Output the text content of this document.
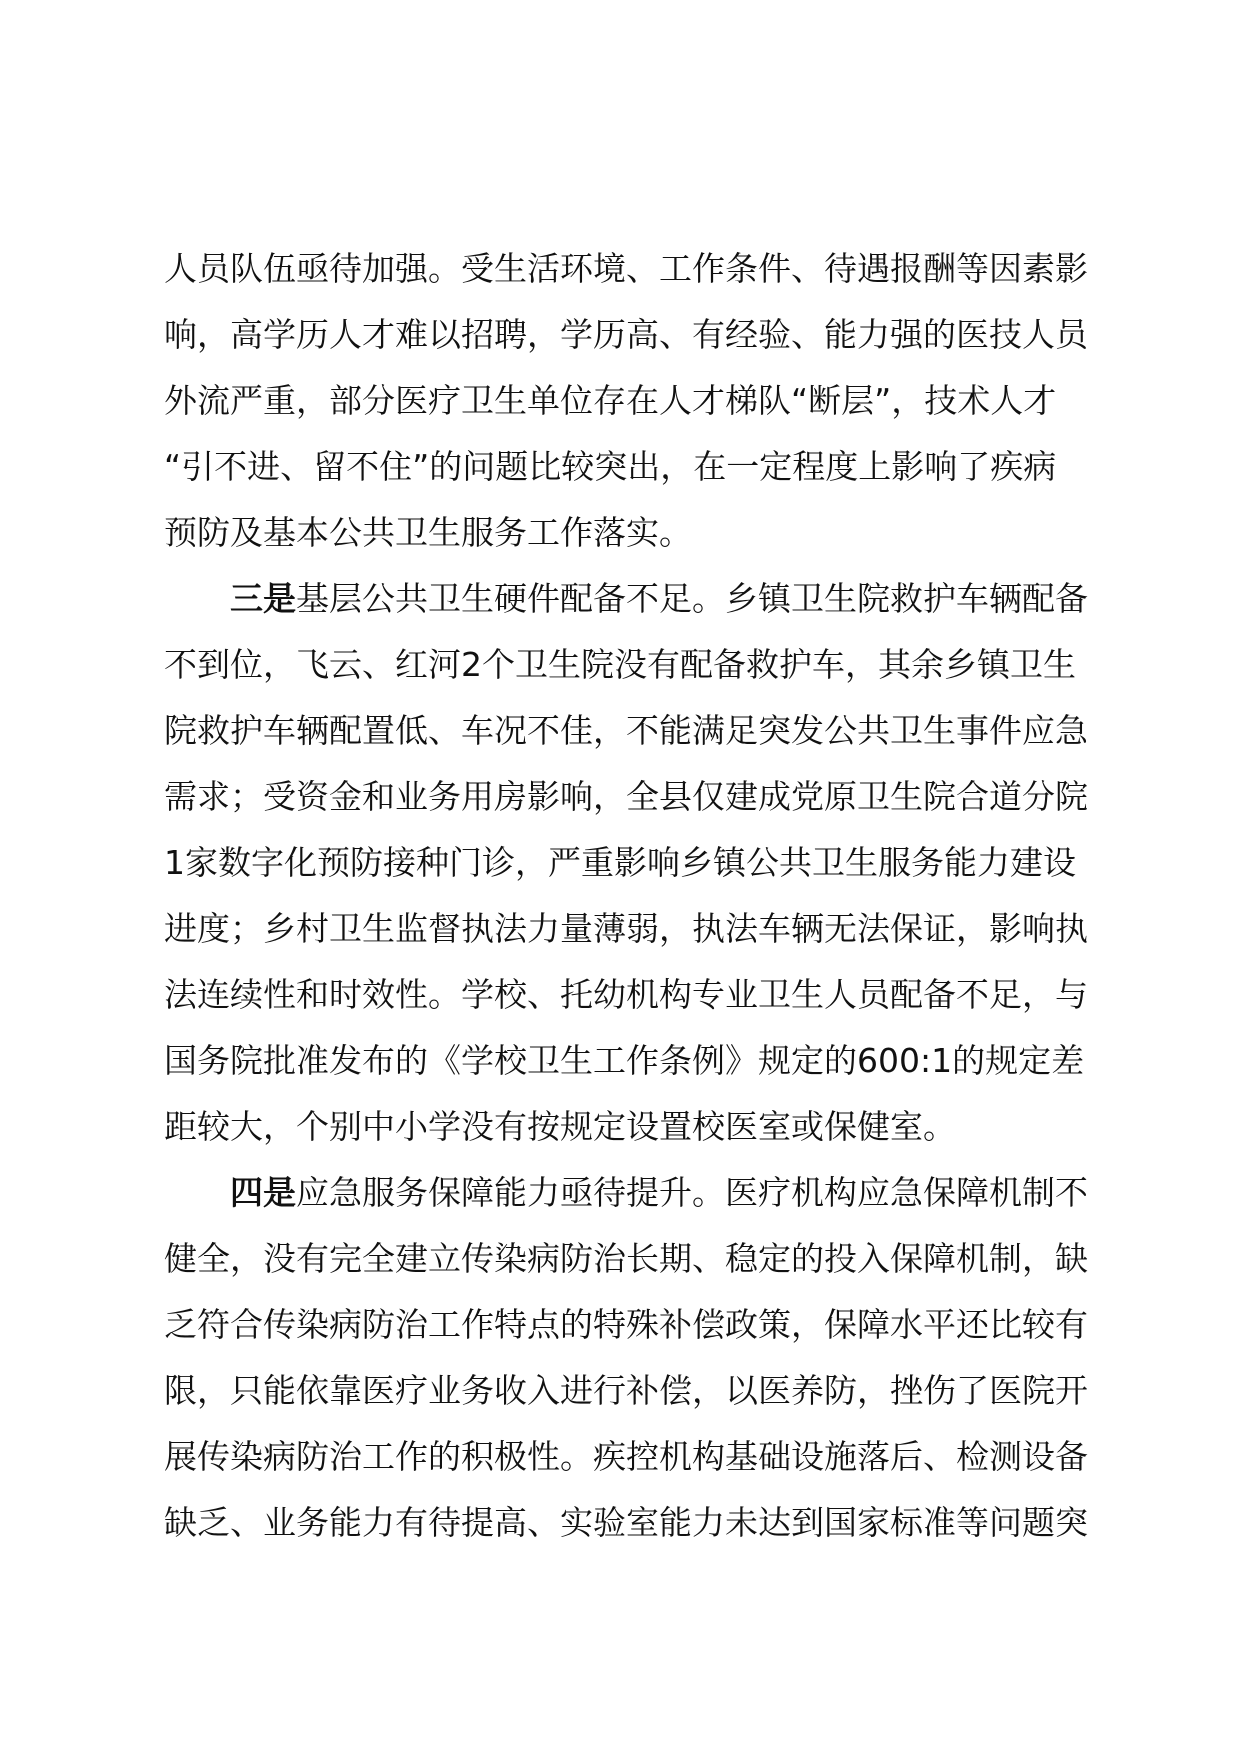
人员队伍亟待加强。受生活环境、工作条件、待遇报酬等因素影
响，高学历人才难以招聘，学历高、有经验、能力强的医技人员
外流严重，部分医疗卫生单位存在人才梯队“断层”，技术人才
“引不进、留不住”的问题比较突出，在一定程度上影响了疾病
预防及基本公共卫生服务工作落实。
三是基层公共卫生硬件配备不足。乡镇卫生院救护车辆配备
不到位，飞云、红河2个卫生院没有配备救护车，其余乡镇卫生
院救护车辆配置低、车况不佳，不能满足突发公共卫生事件应急
需求；受资金和业务用房影响，全县仅建成党原卫生院合道分院
1家数字化预防接种门诊，严重影响乡镇公共卫生服务能力建设
进度；乡村卫生监督执法力量薄弱，执法车辆无法保证，影响执
法连续性和时效性。学校、托幼机构专业卫生人员配备不足，与
国务院批准发布的《学校卫生工作条例》规定的600:1的规定差
距较大，个别中小学没有按规定设置校医室或保健室。
四是应急服务保障能力亟待提升。医疗机构应急保障机制不
健全，没有完全建立传染病防治长期、稳定的投入保障机制，缺
乏符合传染病防治工作特点的特殊补偿政策，保障水平还比较有
限，只能依靠医疗业务收入进行补偿，以医养防，挫伤了医院开
展传染病防治工作的积极性。疾控机构基础设施落后、检测设备
缺乏、业务能力有待提高、实验室能力未达到国家标准等问题突
